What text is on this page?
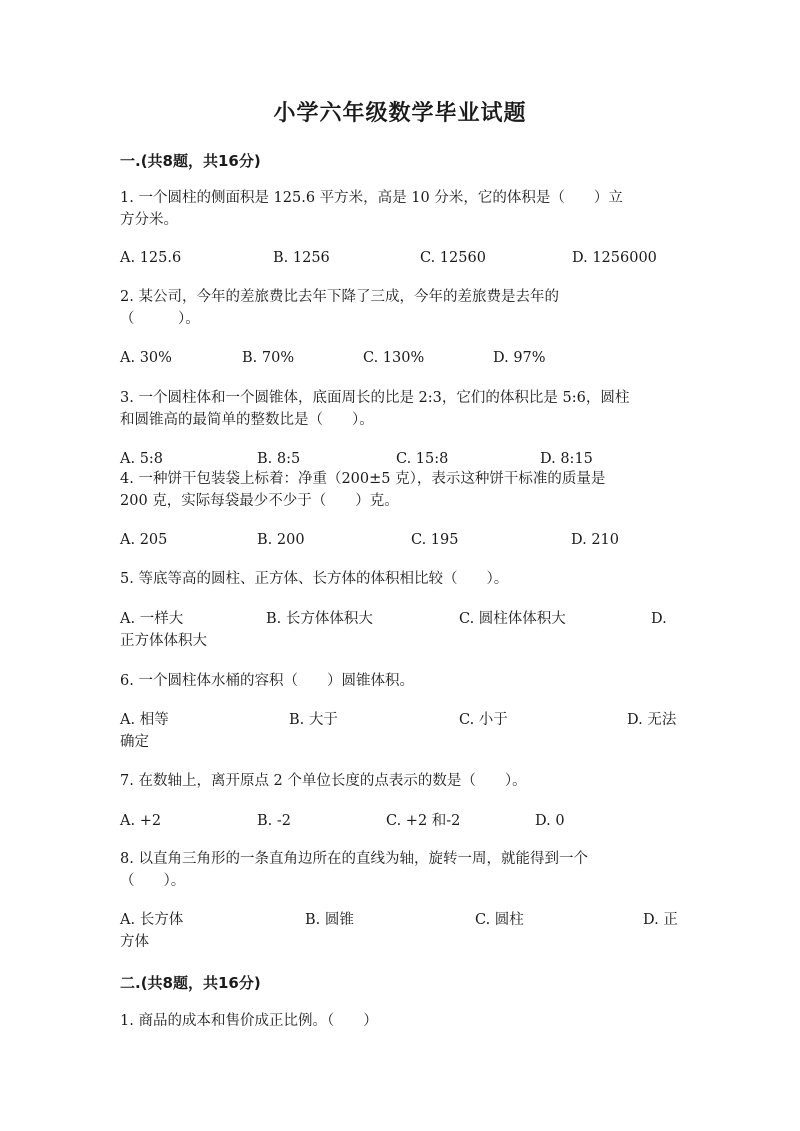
小学六年级数学毕业试题
一.(共8题，共16分)
1. 一个圆柱的侧面积是 125.6 平方米，高是 10 分米，它的体积是（　　）立
方分米。
A. 125.6	B. 1256	C. 12560	D. 1256000
2. 某公司，今年的差旅费比去年下降了三成，今年的差旅费是去年的
（　　　）。
A. 30%	B. 70%	C. 130%	D. 97%
3. 一个圆柱体和一个圆锥体，底面周长的比是 2:3，它们的体积比是 5:6，圆柱
和圆锥高的最简单的整数比是（　　）。
A. 5:8	B. 8:5	C. 15:8	D. 8:15
4. 一种饼干包装袋上标着：净重（200±5 克），表示这种饼干标准的质量是
200 克，实际每袋最少不少于（　　）克。
A. 205	B. 200	C. 195	D. 210
5. 等底等高的圆柱、正方体、长方体的体积相比较（　　）。
A. 一样大	B. 长方体体积大	C. 圆柱体体积大	D.
正方体体积大
6. 一个圆柱体水桶的容积（　　）圆锥体积。
A. 相等	B. 大于	C. 小于	D. 无法
确定
7. 在数轴上，离开原点 2 个单位长度的点表示的数是（　　）。
A. +2	B. -2	C. +2 和-2	D. 0
8. 以直角三角形的一条直角边所在的直线为轴，旋转一周，就能得到一个
（　　）。
A. 长方体	B. 圆锥	C. 圆柱	D. 正
方体
二.(共8题，共16分)
1. 商品的成本和售价成正比例。（　　）
